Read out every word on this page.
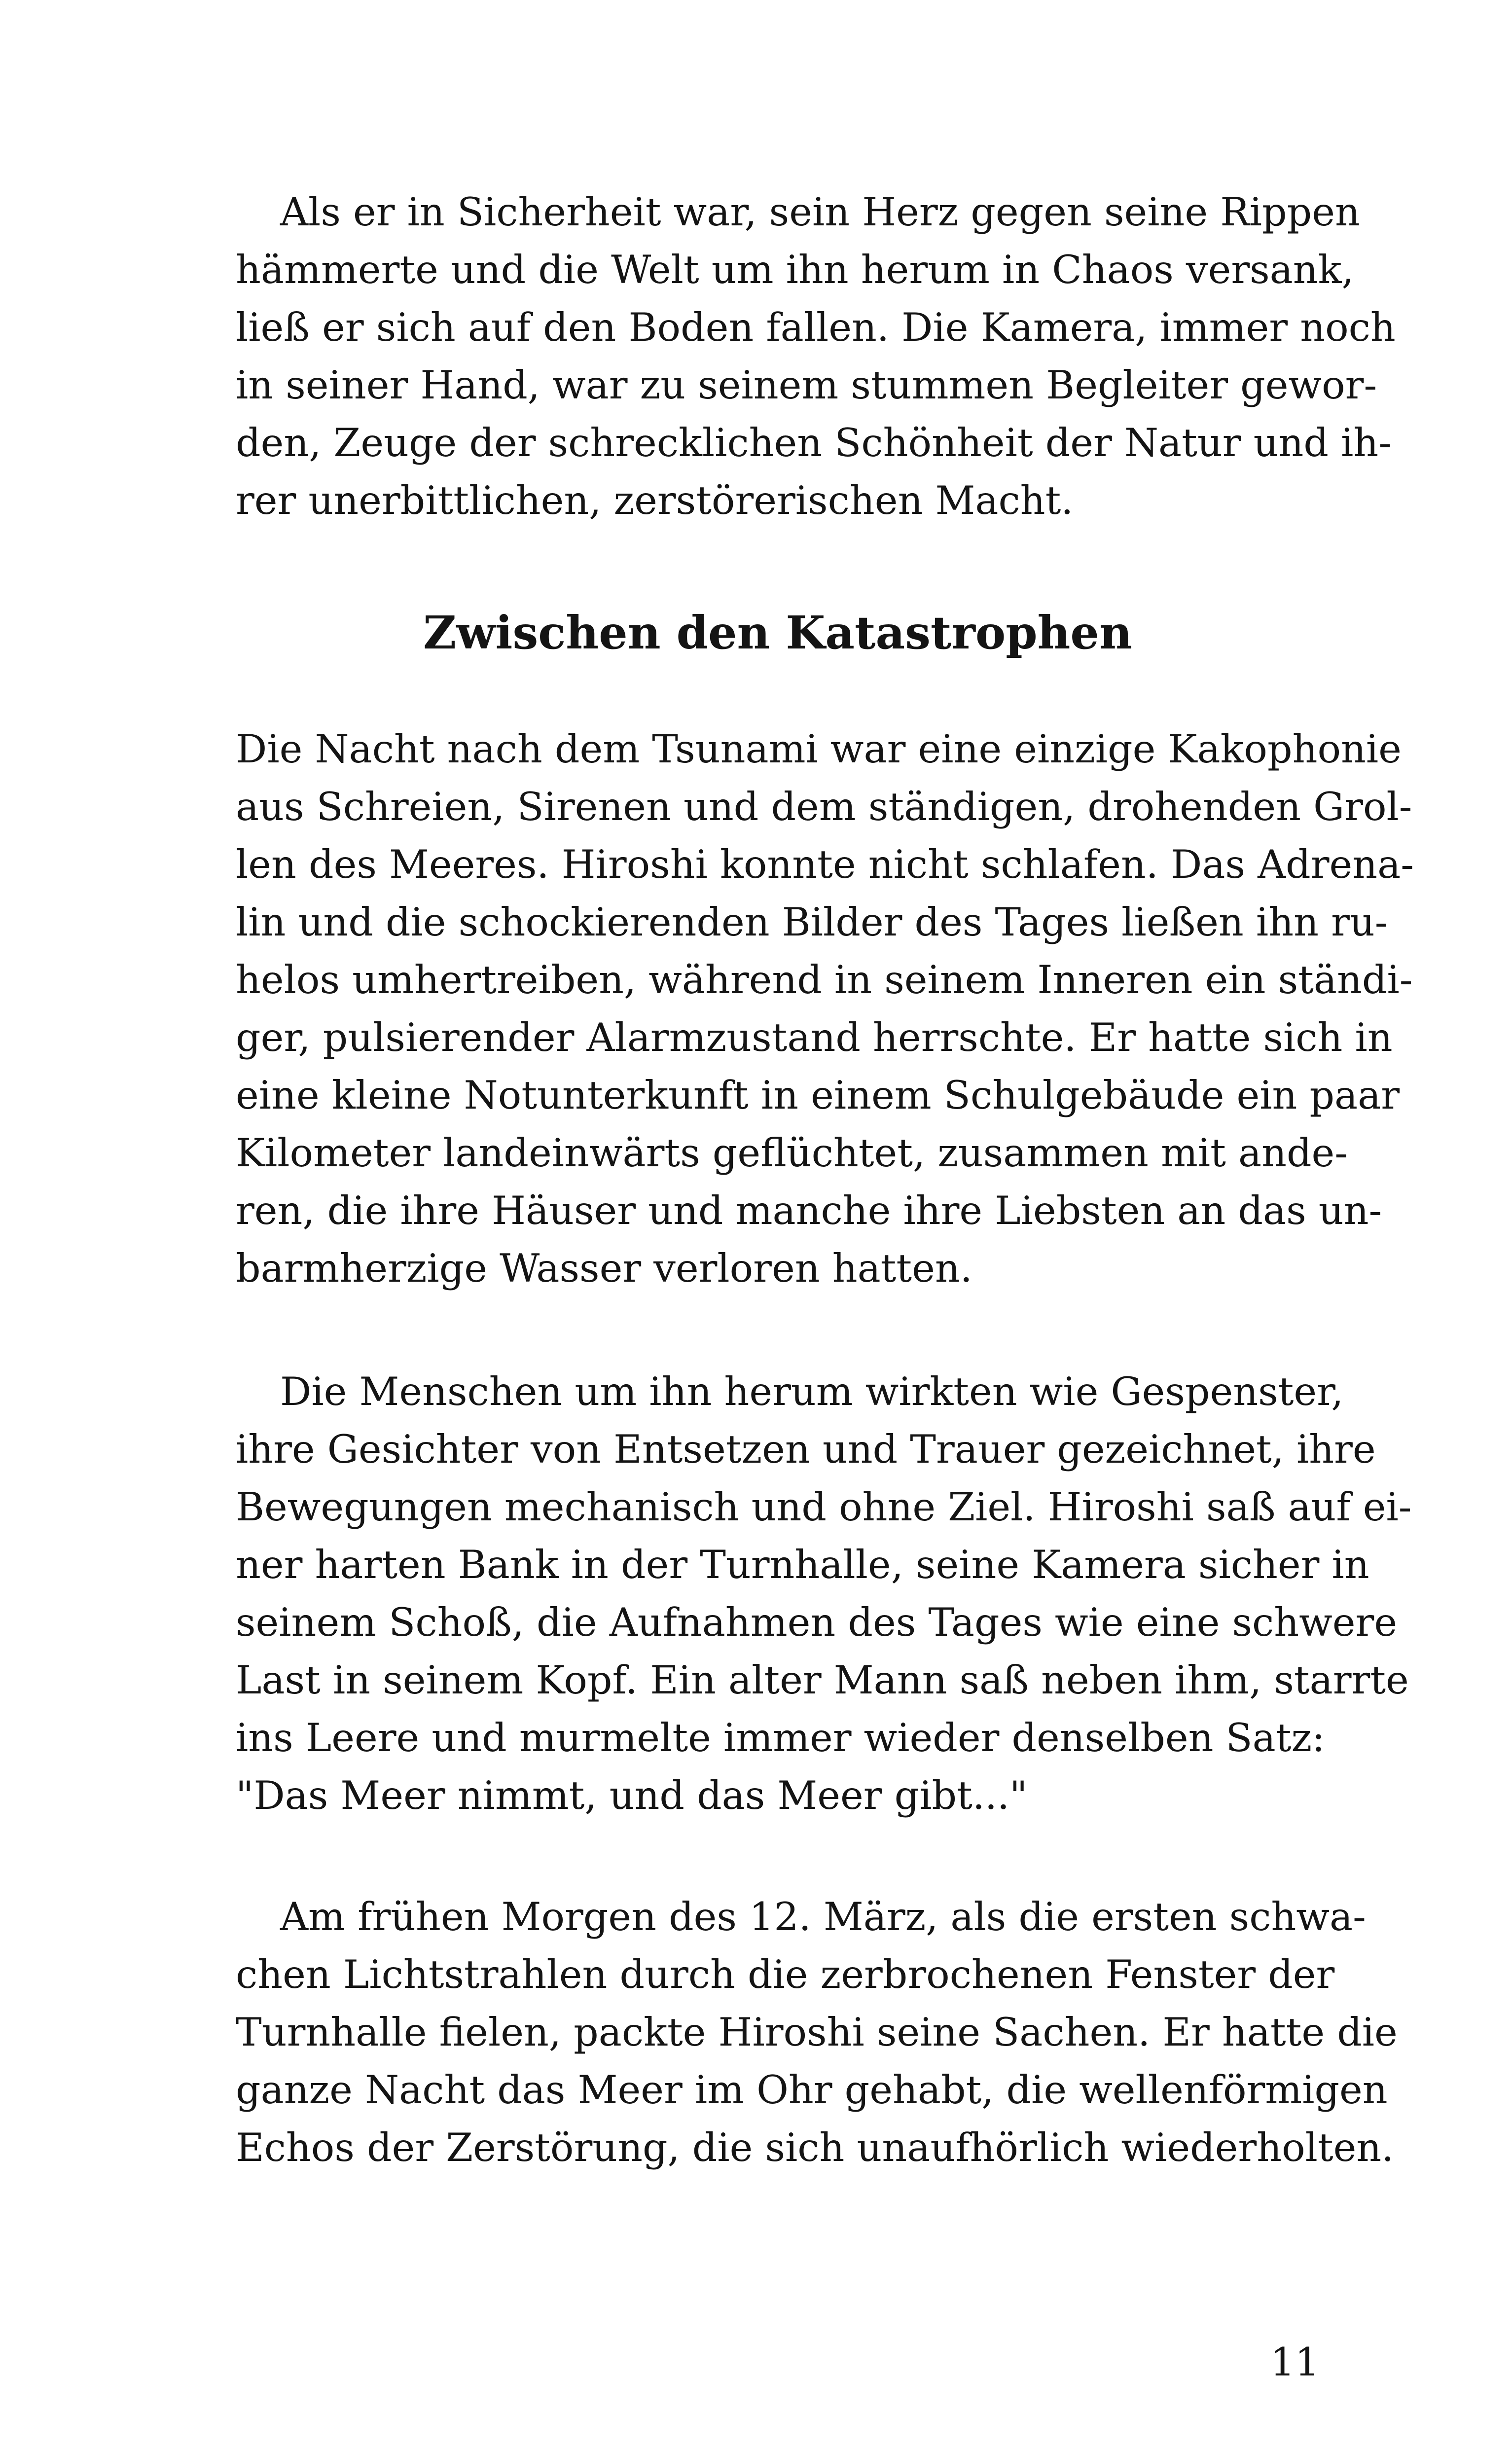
Als er in Sicherheit war, sein Herz gegen seine Rippen
hämmerte und die Welt um ihn herum in Chaos versank,
ließ er sich auf den Boden fallen. Die Kamera, immer noch
in seiner Hand, war zu seinem stummen Begleiter gewor-
den, Zeuge der schrecklichen Schönheit der Natur und ih-
rer unerbittlichen, zerstörerischen Macht.
Zwischen den Katastrophen
Die Nacht nach dem Tsunami war eine einzige Kakophonie
aus Schreien, Sirenen und dem ständigen, drohenden Grol-
len des Meeres. Hiroshi konnte nicht schlafen. Das Adrena-
lin und die schockierenden Bilder des Tages ließen ihn ru-
helos umhertreiben, während in seinem Inneren ein ständi-
ger, pulsierender Alarmzustand herrschte. Er hatte sich in
eine kleine Notunterkunft in einem Schulgebäude ein paar
Kilometer landeinwärts geflüchtet, zusammen mit ande-
ren, die ihre Häuser und manche ihre Liebsten an das un-
barmherzige Wasser verloren hatten.
Die Menschen um ihn herum wirkten wie Gespenster,
ihre Gesichter von Entsetzen und Trauer gezeichnet, ihre
Bewegungen mechanisch und ohne Ziel. Hiroshi saß auf ei-
ner harten Bank in der Turnhalle, seine Kamera sicher in
seinem Schoß, die Aufnahmen des Tages wie eine schwere
Last in seinem Kopf. Ein alter Mann saß neben ihm, starrte
ins Leere und murmelte immer wieder denselben Satz:
"Das Meer nimmt, und das Meer gibt..."
Am frühen Morgen des 12. März, als die ersten schwa-
chen Lichtstrahlen durch die zerbrochenen Fenster der
Turnhalle fielen, packte Hiroshi seine Sachen. Er hatte die
ganze Nacht das Meer im Ohr gehabt, die wellenförmigen
Echos der Zerstörung, die sich unaufhörlich wiederholten.
11
